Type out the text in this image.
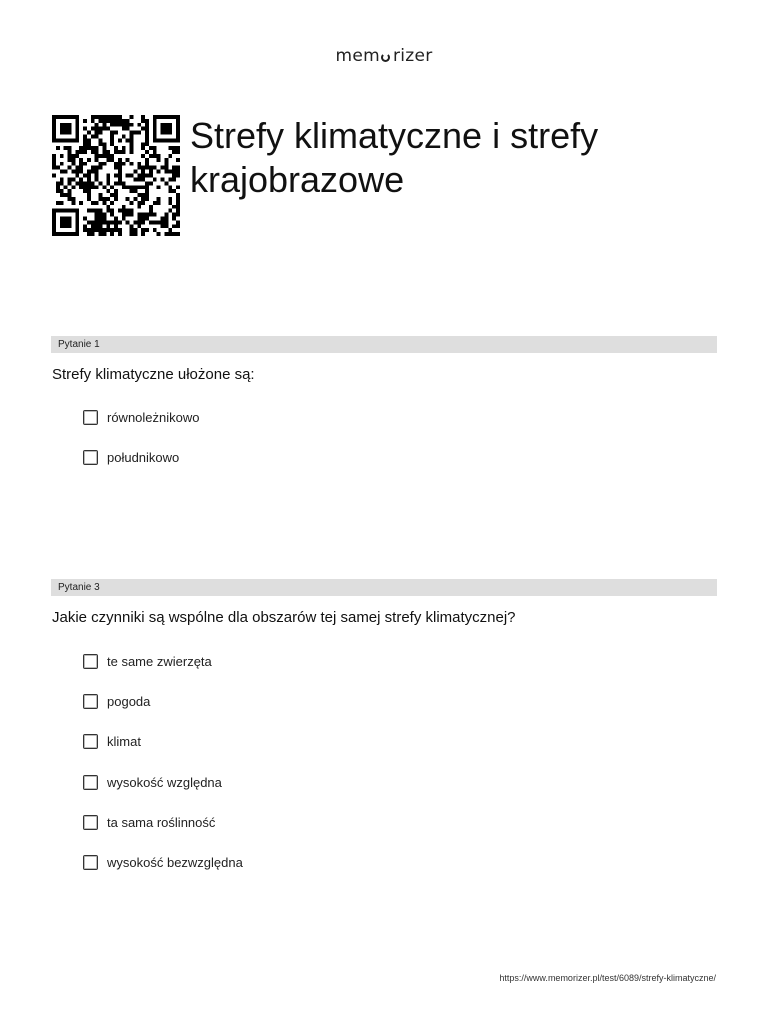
mem rizer
Strefy klimatyczne i strefy krajobrazowe
Pytanie 1

Strefy klimatyczne ułożone są:

równoleżnikowo
południkowo
Pytanie 3

Jakie czynniki są wspólne dla obszarów tej samej strefy klimatycznej?

te same zwierzęta
pogoda
klimat
wysokość względna
ta sama roślinność
wysokość bezwzględna
https://www.memorizer.pl/test/6089/strefy-klimatyczne/
